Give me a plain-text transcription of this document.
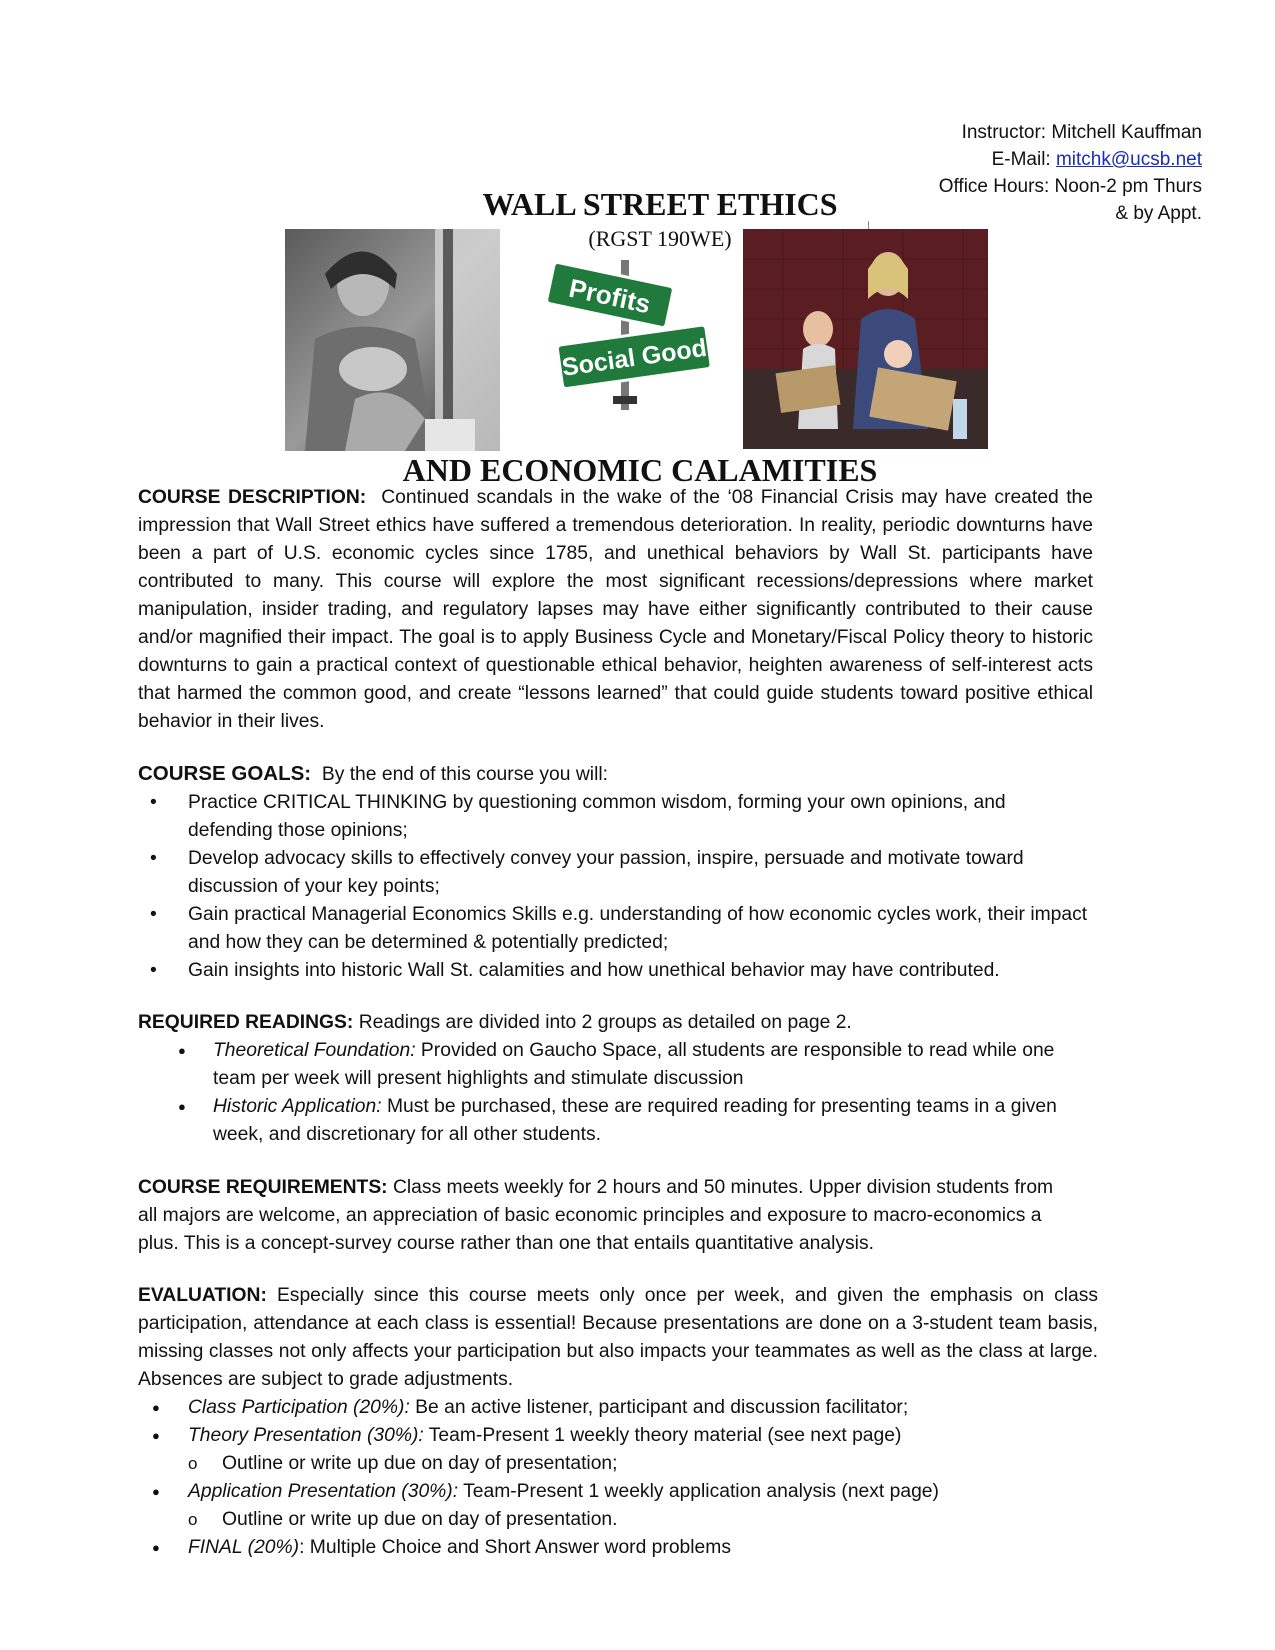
Instructor: Mitchell Kauffman
E-Mail: mitchk@ucsb.net
Office Hours: Noon-2 pm Thurs
& by Appt.
WALL STREET ETHICS
(RGST 190WE)
Profits
Social Good
AND ECONOMIC CALAMITIES

COURSE DESCRIPTION: Continued scandals in the wake of the ‘08 Financial Crisis may have created the impression that Wall Street ethics have suffered a tremendous deterioration. In reality, periodic downturns have been a part of U.S. economic cycles since 1785, and unethical behaviors by Wall St. participants have contributed to many. This course will explore the most significant recessions/depressions where market manipulation, insider trading, and regulatory lapses may have either significantly contributed to their cause and/or magnified their impact. The goal is to apply Business Cycle and Monetary/Fiscal Policy theory to historic downturns to gain a practical context of questionable ethical behavior, heighten awareness of self-interest acts that harmed the common good, and create “lessons learned” that could guide students toward positive ethical behavior in their lives.

COURSE GOALS: By the end of this course you will:
• Practice CRITICAL THINKING by questioning common wisdom, forming your own opinions, and defending those opinions;
• Develop advocacy skills to effectively convey your passion, inspire, persuade and motivate toward discussion of your key points;
• Gain practical Managerial Economics Skills e.g. understanding of how economic cycles work, their impact and how they can be determined & potentially predicted;
• Gain insights into historic Wall St. calamities and how unethical behavior may have contributed.
REQUIRED READINGS: Readings are divided into 2 groups as detailed on page 2.
● Theoretical Foundation: Provided on Gaucho Space, all students are responsible to read while one team per week will present highlights and stimulate discussion
● Historic Application: Must be purchased, these are required reading for presenting teams in a given week, and discretionary for all other students.

COURSE REQUIREMENTS: Class meets weekly for 2 hours and 50 minutes. Upper division students from all majors are welcome, an appreciation of basic economic principles and exposure to macro-economics a plus. This is a concept-survey course rather than one that entails quantitative analysis.

EVALUATION: Especially since this course meets only once per week, and given the emphasis on class participation, attendance at each class is essential! Because presentations are done on a 3-student team basis, missing classes not only affects your participation but also impacts your teammates as well as the class at large. Absences are subject to grade adjustments.

● Class Participation (20%): Be an active listener, participant and discussion facilitator;
● Theory Presentation (30%): Team-Present 1 weekly theory material (see next page)
o Outline or write up due on day of presentation;
● Application Presentation (30%): Team-Present 1 weekly application analysis (next page)
o Outline or write up due on day of presentation.
● FINAL (20%): Multiple Choice and Short Answer word problems
